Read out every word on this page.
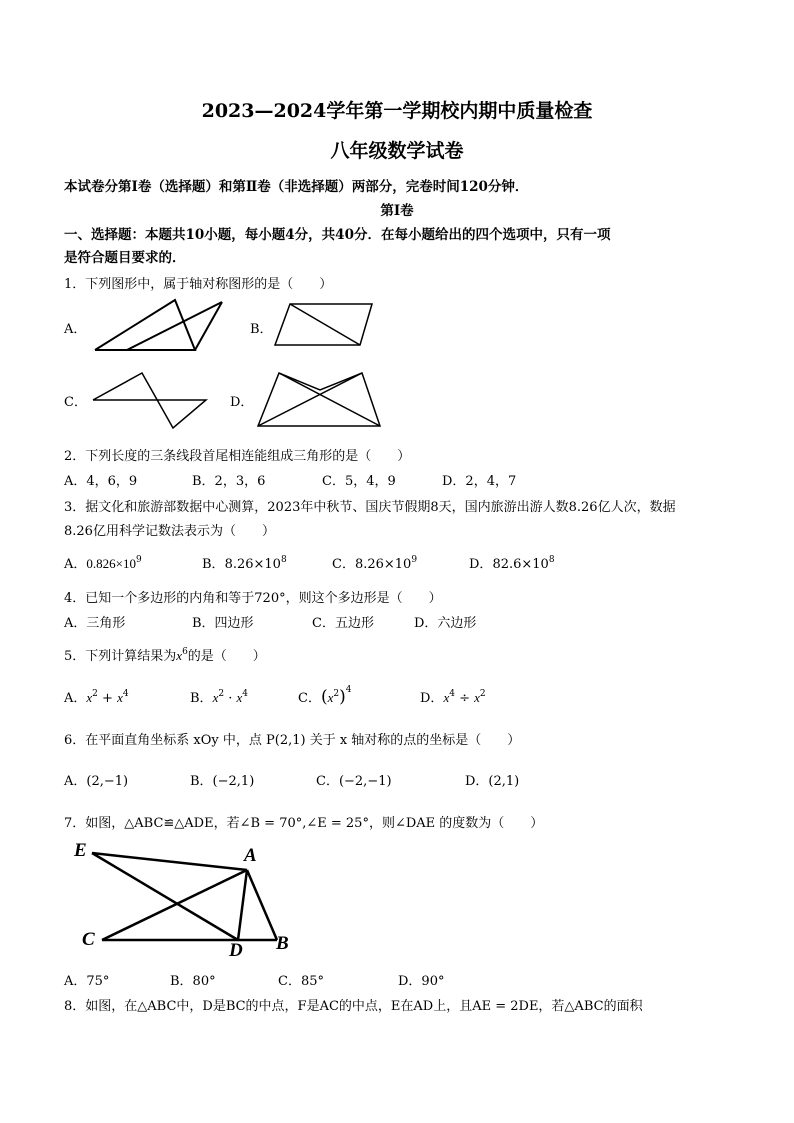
2023—2024学年第一学期校内期中质量检查
八年级数学试卷
本试卷分第Ⅰ卷（选择题）和第Ⅱ卷（非选择题）两部分，完卷时间120分钟．
第Ⅰ卷
一、选择题：本题共10小题，每小题4分，共40分．在每小题给出的四个选项中，只有一项
是符合题目要求的．
1．下列图形中，属于轴对称图形的是（　　）
A．	B．
C．	D．
2．下列长度的三条线段首尾相连能组成三角形的是（　　）
A．4，6，9	B．2，3，6	C．5，4，9	D．2，4，7
3．据文化和旅游部数据中心测算，2023年中秋节、国庆节假期8天，国内旅游出游人数8.26亿人次，数据
8.26亿用科学记数法表示为（　　）
A．$0.826\times 10^9$	B．$8.26\times 10^8$	C．$8.26\times 10^9$	D．$82.6\times 10^8$
4．已知一个多边形的内角和等于720°，则这个多边形是（　　）
A．三角形	B．四边形	C．五边形	D．六边形
5．下列计算结果为$x^6$的是（　　）
A．$x^2 + x^4$	B．$x^2 \cdot x^4$	C．$(x^2)^4$
D．$x^4 \div x^2$
6．在平面直角坐标系 xOy 中，点 P(2,1) 关于 x 轴对称的点的坐标是（　　）
A．(2,−1)	B．(−2,1)	C．(−2,−1)	D．(2,1)
7．如图，△ABC≌△ADE，若∠B = 70°,∠E = 25°，则∠DAE 的度数为（　　）
E	A
C
D B
A．75°	B．80°	C．85°	D．90°
8．如图，在△ABC中，D是BC的中点，F是AC的中点，E在AD上，且AE = 2DE，若△ABC的面积
